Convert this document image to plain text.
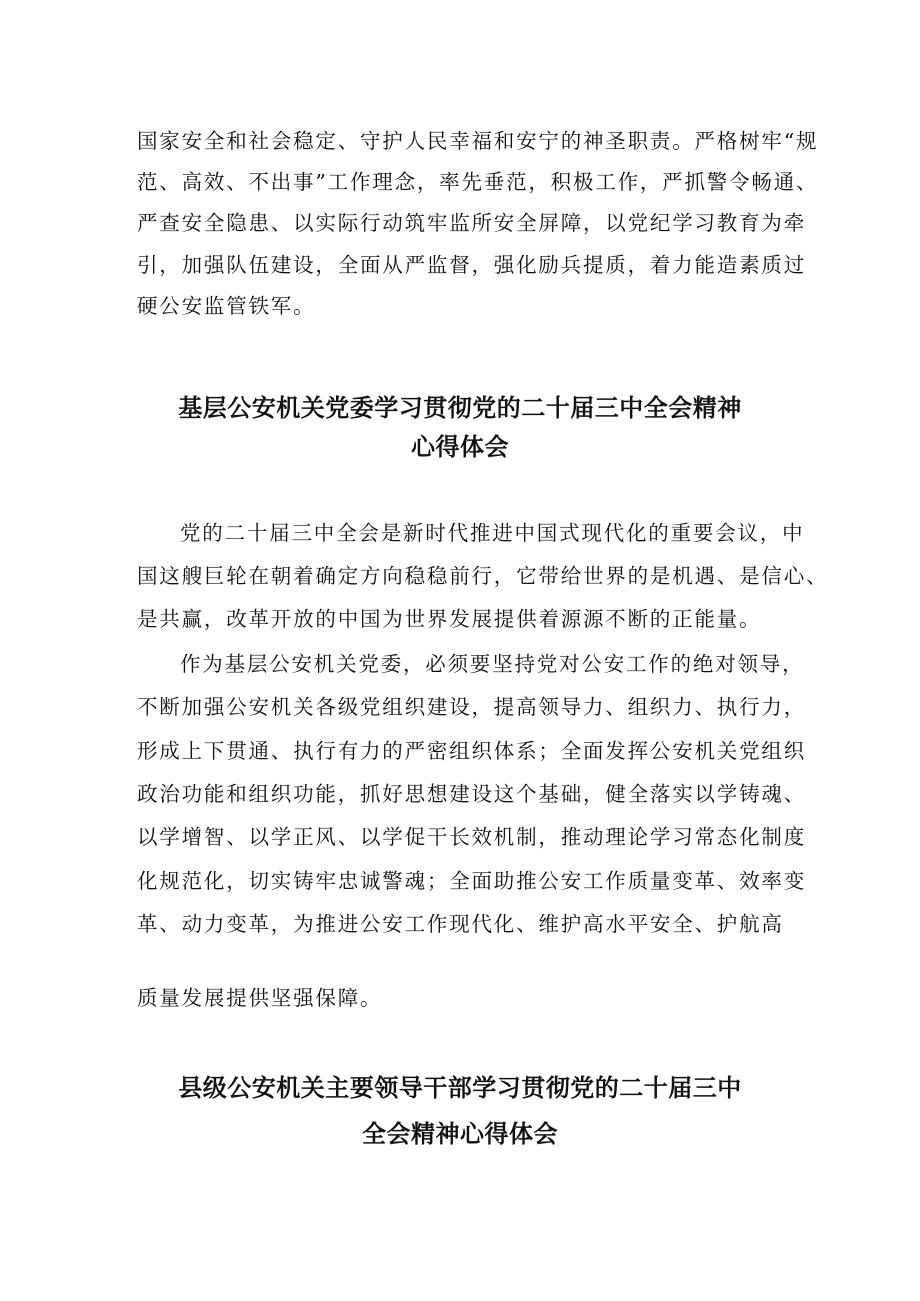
国家安全和社会稳定、守护人民幸福和安宁的神圣职责。严格树牢“规

范、高效、不出事”工作理念，率先垂范，积极工作，严抓警令畅通、

严查安全隐患、以实际行动筑牢监所安全屏障，以党纪学习教育为牵

引，加强队伍建设，全面从严监督，强化励兵提质，着力能造素质过

硬公安监管铁军。

基层公安机关党委学习贯彻党的二十届三中全会精神
心得体会

党的二十届三中全会是新时代推进中国式现代化的重要会议，中

国这艘巨轮在朝着确定方向稳稳前行，它带给世界的是机遇、是信心、

是共赢，改革开放的中国为世界发展提供着源源不断的正能量。

作为基层公安机关党委，必须要坚持党对公安工作的绝对领导，

不断加强公安机关各级党组织建设，提高领导力、组织力、执行力，

形成上下贯通、执行有力的严密组织体系；全面发挥公安机关党组织

政治功能和组织功能，抓好思想建设这个基础，健全落实以学铸魂、

以学增智、以学正风、以学促干长效机制，推动理论学习常态化制度

化规范化，切实铸牢忠诚警魂；全面助推公安工作质量变革、效率变

革、动力变革，为推进公安工作现代化、维护高水平安全、护航高

质量发展提供坚强保障。

县级公安机关主要领导干部学习贯彻党的二十届三中
全会精神心得体会
